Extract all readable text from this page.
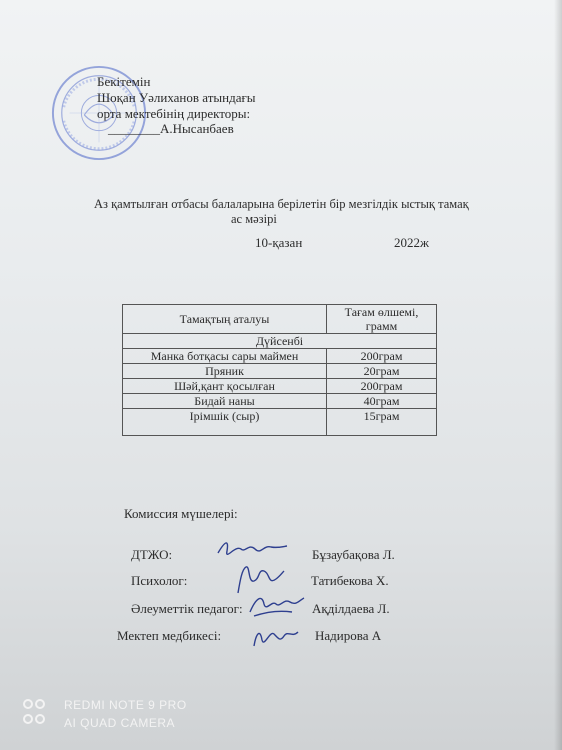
Бекітемін
Шоқан Уәлиханов атындағы
орта мектебінің директоры:
________А.Нысанбаев
Аз қамтылған отбасы балаларына берілетін бір мезгілдік ыстық тамақ
ас мәзірі
10-қазан	2022ж
Тамақтың аталуы	Тағам өлшемі,
грамм
Дүйсенбі	
Манка ботқасы сары маймен	200грам
Пряник	20грам
Шәй,қант қосылған	200грам
Бидай наны	40грам
Ірімшік (сыр)	15грам
Комиссия мүшелері:
ДТЖО:	Бұзаубақова Л.
Психолог:	Татибекова Х.
Әлеуметтік педагог:	Ақділдаева Л.
Мектеп медбикесі:	Надирова А
REDMI NOTE 9 PRO
AI QUAD CAMERA
